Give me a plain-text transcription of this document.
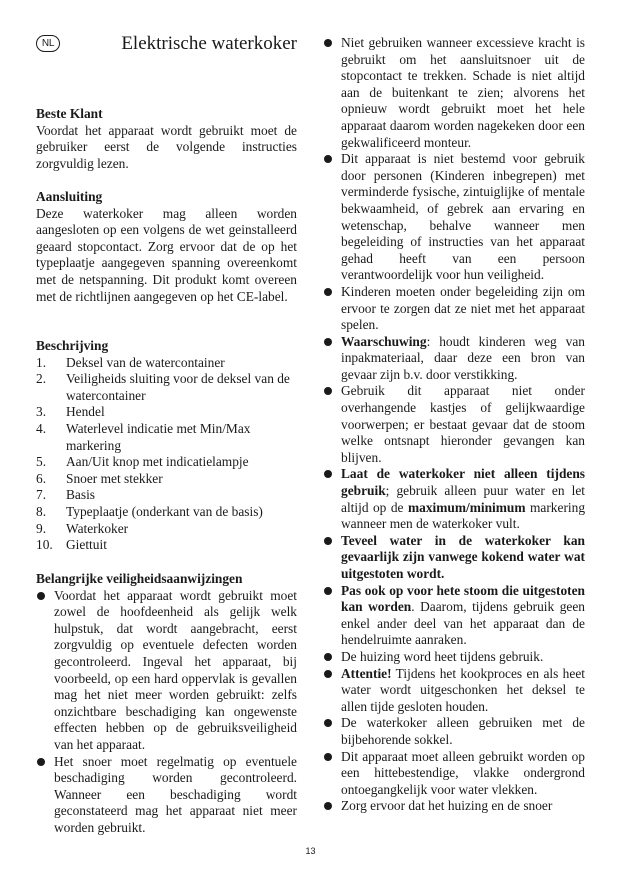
NL	Elektrische waterkoker

Beste Klant

Voordat het apparaat wordt gebruikt moet de gebruiker eerst de volgende instructies zorgvuldig lezen.

Aansluiting

Deze waterkoker mag alleen worden aangesloten op een volgens de wet geinstalleerd geaard stopcontact. Zorg ervoor dat de op het typeplaatje aangegeven spanning overeenkomt met de netspanning. Dit produkt komt overeen met de richtlijnen aangegeven op het CE-label.

Beschrijving

1. Deksel van de watercontainer
2. Veiligheids sluiting voor de deksel van de watercontainer
3. Hendel
4. Waterlevel indicatie met Min/Max markering
5. Aan/Uit knop met indicatielampje
6. Snoer met stekker
7. Basis
8. Typeplaatje (onderkant van de basis)
9. Waterkoker
10. Giettuit

Belangrijke veiligheidsaanwijzingen

Voordat het apparaat wordt gebruikt moet zowel de hoofdeenheid als gelijk welk hulpstuk, dat wordt aangebracht, eerst zorgvuldig op eventuele defecten worden gecontroleerd. Ingeval het apparaat, bij voorbeeld, op een hard oppervlak is gevallen mag het niet meer worden gebruikt: zelfs onzichtbare beschadiging kan ongewenste effecten hebben op de gebruiksveiligheid van het apparaat.
Het snoer moet regelmatig op eventuele beschadiging worden gecontroleerd. Wanneer een beschadiging wordt geconstateerd mag het apparaat niet meer worden gebruikt.
Niet gebruiken wanneer excessieve kracht is gebruikt om het aansluitsnoer uit de stopcontact te trekken. Schade is niet altijd aan de buitenkant te zien; alvorens het opnieuw wordt gebruikt moet het hele apparaat daarom worden nagekeken door een gekwalificeerd monteur.
Dit apparaat is niet bestemd voor gebruik door personen (Kinderen inbegrepen) met verminderde fysische, zintuiglijke of mentale bekwaamheid, of gebrek aan ervaring en wetenschap, behalve wanneer men begeleiding of instructies van het apparaat gehad heeft van een persoon verantwoordelijk voor hun veiligheid.
Kinderen moeten onder begeleiding zijn om ervoor te zorgen dat ze niet met het apparaat spelen.
Waarschuwing: houdt kinderen weg van inpakmateriaal, daar deze een bron van gevaar zijn b.v. door verstikking.
Gebruik dit apparaat niet onder overhangende kastjes of gelijkwaardige voorwerpen; er bestaat gevaar dat de stoom welke ontsnapt hieronder gevangen kan blijven.
Laat de waterkoker niet alleen tijdens gebruik; gebruik alleen puur water en let altijd op de maximum/minimum markering wanneer men de waterkoker vult.
Teveel water in de waterkoker kan gevaarlijk zijn vanwege kokend water wat uitgestoten wordt.
Pas ook op voor hete stoom die uitgestoten kan worden. Daarom, tijdens gebruik geen enkel ander deel van het apparaat dan de hendelruimte aanraken.
De huizing word heet tijdens gebruik.
Attentie! Tijdens het kookproces en als heet water wordt uitgeschonken het deksel te allen tijde gesloten houden.
De waterkoker alleen gebruiken met de bijbehorende sokkel.
Dit apparaat moet alleen gebruikt worden op een hittebestendige, vlakke ondergrond ontoegangkelijk voor water vlekken.
Zorg ervoor dat het huizing en de snoer
13
